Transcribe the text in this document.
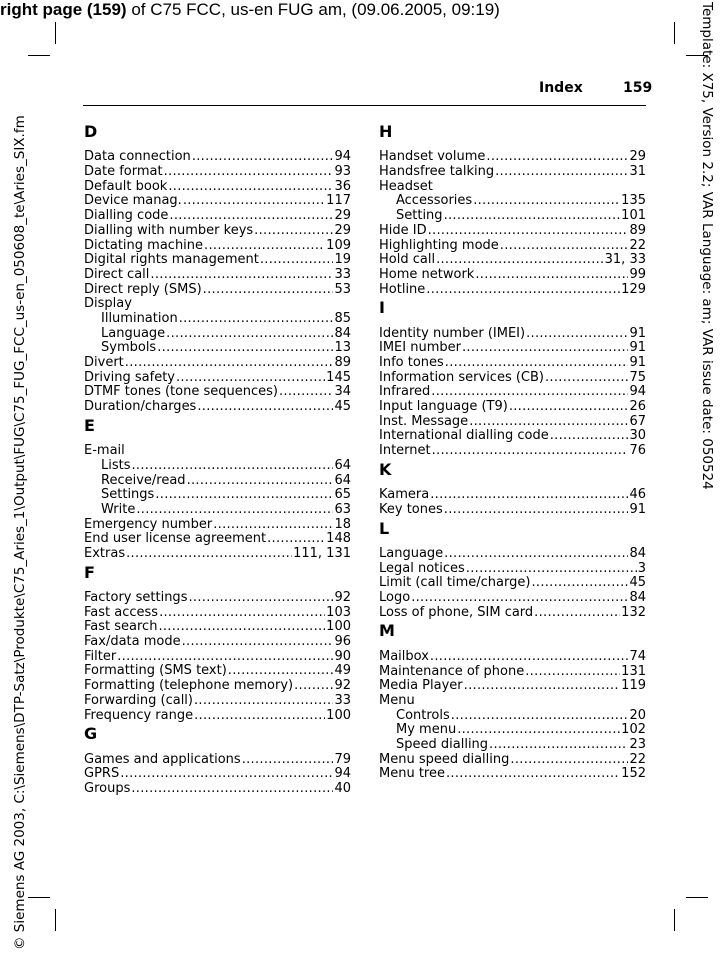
right page (159) of C75 FCC, us-en FUG am, (09.06.2005, 09:19)
© Siemens AG 2003, C:\Siemens\DTP-Satz\Produkte\C75_Aries_1\Output\FUG\C75_FUG_FCC_us-en_050608_te\Aries_SIX.fm	Template: X75, Version 2.2; VAR Language: am; VAR issue date: 050524
Index	159
D
Data connection .....	94
Date format .....	93
Default book .....	36
Device manag. .....	117
Dialling code .....	29
Dialling with number keys .....	29
Dictating machine .....	109
Digital rights management .....	19
Direct call .....	33
Direct reply (SMS) .....	53
Display
Illumination .....	85
Language .....	84
Symbols .....	13
Divert .....	89
Driving safety .....	145
DTMF tones (tone sequences) .....	34
Duration/charges .....	45
E
E-mail
Lists .....	64
Receive/read .....	64
Settings .....	65
Write .....	63
Emergency number .....	18
End user license agreement .....	148
Extras .....	111, 131
F
Factory settings .....	92
Fast access .....	103
Fast search .....	100
Fax/data mode .....	96
Filter .....	90
Formatting (SMS text) .....	49
Formatting (telephone memory) .....	92
Forwarding (call) .....	33
Frequency range .....	100
G
Games and applications .....	79
GPRS .....	94
Groups .....	40
H
Handset volume .....	29
Handsfree talking .....	31
Headset
Accessories .....	135
Setting .....	101
Hide ID .....	89
Highlighting mode .....	22
Hold call .....	31, 33
Home network .....	99
Hotline .....	129
I
Identity number (IMEI) .....	91
IMEI number .....	91
Info tones .....	91
Information services (CB) .....	75
Infrared .....	94
Input language (T9) .....	26
Inst. Message .....	67
International dialling code .....	30
Internet .....	76
K
Kamera .....	46
Key tones .....	91
L
Language .....	84
Legal notices .....	3
Limit (call time/charge) .....	45
Logo .....	84
Loss of phone, SIM card .....	132
M
Mailbox .....	74
Maintenance of phone .....	131
Media Player .....	119
Menu
Controls .....	20
My menu .....	102
Speed dialling .....	23
Menu speed dialling .....	22
Menu tree .....	152
